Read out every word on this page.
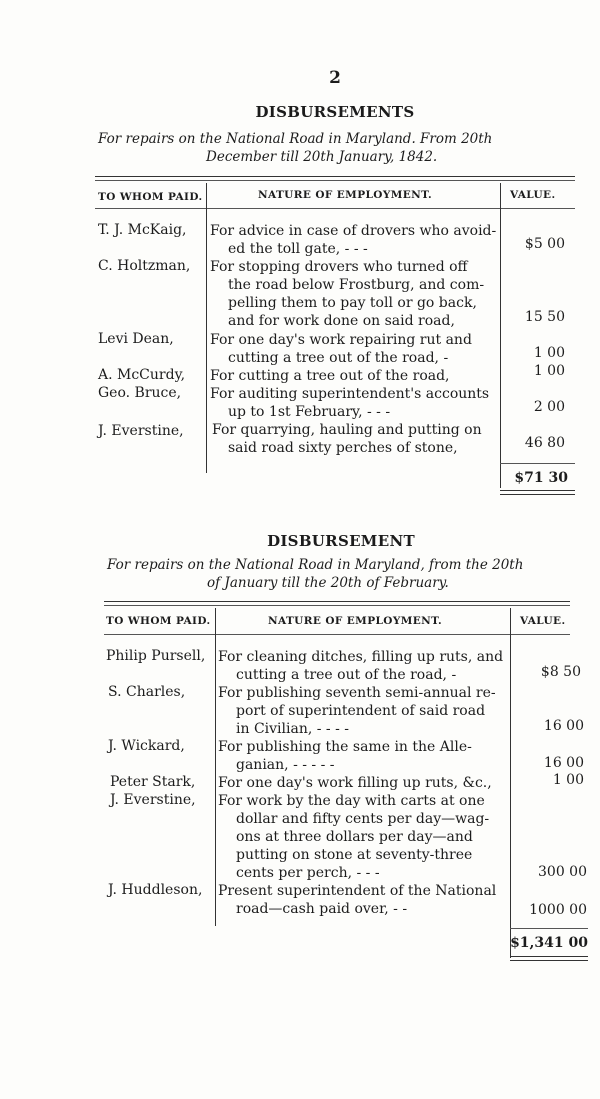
2
DISBURSEMENTS
For repairs on the National Road in Maryland. From 20th
December till 20th January, 1842.
TO WHOM PAID.	NATURE OF EMPLOYMENT.	VALUE.
T. J. McKaig, For advice in case of drovers who avoid-
ed the toll gate, - - -	$5 00
C. Holtzman, For stopping drovers who turned off
the road below Frostburg, and com-
pelling them to pay toll or go back,
and for work done on said road,	15 50
Levi Dean,	For one day's work repairing rut and
cutting a tree out of the road, -	1 00
A. McCurdy, For cutting a tree out of the road,	1 00
Geo. Bruce, For auditing superintendent's accounts
up to 1st February, - - -	2 00
J. Everstine, For quarrying, hauling and putting on
said road sixty perches of stone,	46 80
$71 30
DISBURSEMENT
For repairs on the National Road in Maryland, from the 20th
of January till the 20th of February.
TO WHOM PAID.	NATURE OF EMPLOYMENT.	VALUE.
Philip Pursell, For cleaning ditches, filling up ruts, and
cutting a tree out of the road, -	$8 50
S. Charles, For publishing seventh semi-annual re-
port of superintendent of said road
in Civilian, - - - -	16 00
J. Wickard, For publishing the same in the Alle-
ganian, - - - - -	16 00
Peter Stark, For one day's work filling up ruts, &c.,	1 00
J. Everstine, For work by the day with carts at one
dollar and fifty cents per day—wag-
ons at three dollars per day—and
putting on stone at seventy-three
cents per perch, - - -	300 00
J. Huddleson, Present superintendent of the National
road—cash paid over, - -	1000 00
$1,341 00
